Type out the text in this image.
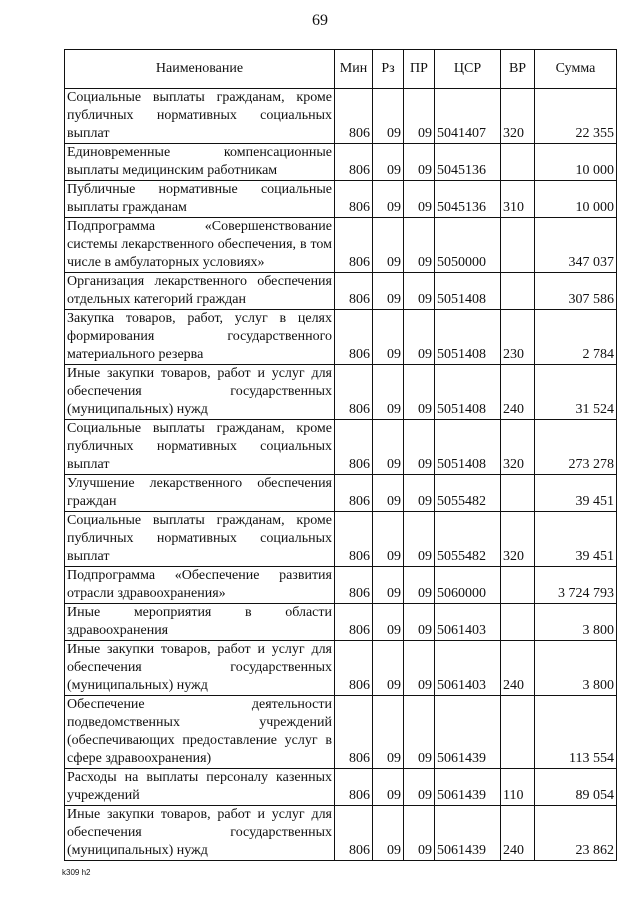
69
Наименование	Мин	Рз	ПР	ЦСР	ВР	Сумма
Социальные выплаты гражданам, кроме публичных нормативных социальных выплат	806	09	09	5041407	320	22 355
Единовременные компенсационные выплаты медицинским работникам	806	09	09	5045136		10 000
Публичные нормативные социальные выплаты гражданам	806	09	09	5045136	310	10 000
Подпрограмма «Совершенствование системы лекарственного обеспечения, в том числе в амбулаторных условиях»	806	09	09	5050000		347 037
Организация лекарственного обеспечения отдельных категорий граждан	806	09	09	5051408		307 586
Закупка товаров, работ, услуг в целях формирования государственного материального резерва	806	09	09	5051408	230	2 784
Иные закупки товаров, работ и услуг для обеспечения государственных (муниципальных) нужд	806	09	09	5051408	240	31 524
Социальные выплаты гражданам, кроме публичных нормативных социальных выплат	806	09	09	5051408	320	273 278
Улучшение лекарственного обеспечения граждан	806	09	09	5055482		39 451
Социальные выплаты гражданам, кроме публичных нормативных социальных выплат	806	09	09	5055482	320	39 451
Подпрограмма «Обеспечение развития отрасли здравоохранения»	806	09	09	5060000		3 724 793
Иные мероприятия в области здравоохранения	806	09	09	5061403		3 800
Иные закупки товаров, работ и услуг для обеспечения государственных (муниципальных) нужд	806	09	09	5061403	240	3 800
Обеспечение деятельности подведомственных учреждений (обеспечивающих предоставление услуг в сфере здравоохранения)	806	09	09	5061439		113 554
Расходы на выплаты персоналу казенных учреждений	806	09	09	5061439	110	89 054
Иные закупки товаров, работ и услуг для обеспечения государственных (муниципальных) нужд	806	09	09	5061439	240	23 862
k309 h2
